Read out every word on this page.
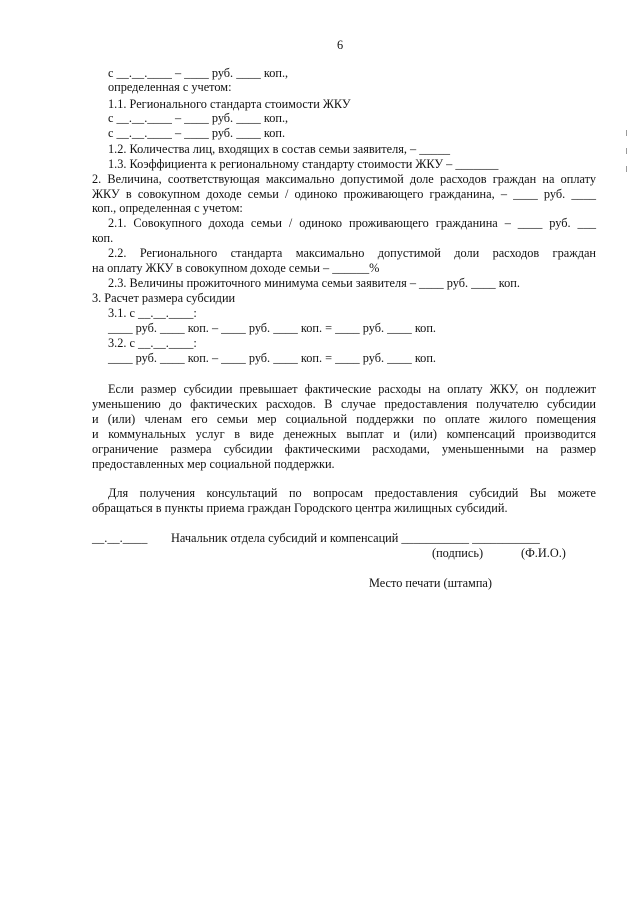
6
с __.__.____ – ____ руб. ____ коп.,
определенная с учетом:
1.1. Регионального стандарта стоимости ЖКУ
с __.__.____ – ____ руб. ____ коп.,
с __.__.____ – ____ руб. ____ коп.
1.2. Количества лиц, входящих в состав семьи заявителя, – _____
1.3. Коэффициента к региональному стандарту стоимости ЖКУ – _______
2. Величина, соответствующая максимально допустимой доле расходов граждан на оплату
ЖКУ в совокупном доходе семьи / одиноко проживающего гражданина, – ____ руб. ____
коп., определенная с учетом:
2.1. Совокупного дохода семьи / одиноко проживающего гражданина – ____ руб. ___
коп.
2.2. Регионального стандарта максимально допустимой доли расходов граждан
на оплату ЖКУ в совокупном доходе семьи – ______%
2.3. Величины прожиточного минимума семьи заявителя – ____ руб. ____ коп.
3. Расчет размера субсидии
3.1. с __.__.____:
____ руб. ____ коп. – ____ руб. ____ коп. = ____ руб. ____ коп.
3.2. с __.__.____:
____ руб. ____ коп. – ____ руб. ____ коп. = ____ руб. ____ коп.
Если размер субсидии превышает фактические расходы на оплату ЖКУ, он подлежит
уменьшению до фактических расходов. В случае предоставления получателю субсидии
и (или) членам его семьи мер социальной поддержки по оплате жилого помещения
и коммунальных услуг в виде денежных выплат и (или) компенсаций производится
ограничение размера субсидии фактическими расходами, уменьшенными на размер
предоставленных мер социальной поддержки.
Для получения консультаций по вопросам предоставления субсидий Вы можете
обращаться в пункты приема граждан Городского центра жилищных субсидий.
__.__.____ Начальник отдела субсидий и компенсаций ___________ ___________
(подпись)	(Ф.И.О.)
Место печати (штампа)
